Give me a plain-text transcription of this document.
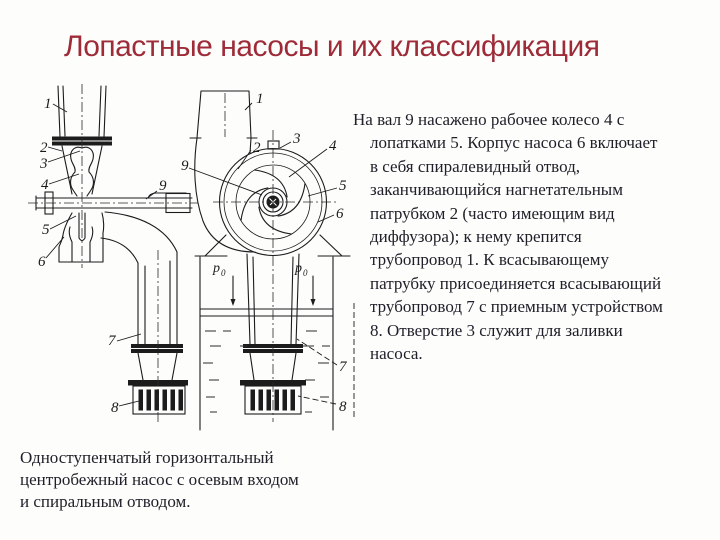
Лопастные насосы и их классификация
p 0	p 0
1
2
3
4
5
6
7
8
9
1
2
3 4
5
6
9
7
8
На вал 9 насажено рабочее колесо 4 с
лопатками 5. Корпус насоса 6 включает
в себя спиралевидный отвод,
заканчивающийся нагнетательным
патрубком 2 (часто имеющим вид
диффузора); к нему крепится
трубопровод 1. К всасывающему
патрубку присоединяется всасывающий
трубопровод 7 с приемным устройством
8. Отверстие 3 служит для заливки
насоса.
Одноступенчатый горизонтальный
центробежный насос с осевым входом
и спиральным отводом.
